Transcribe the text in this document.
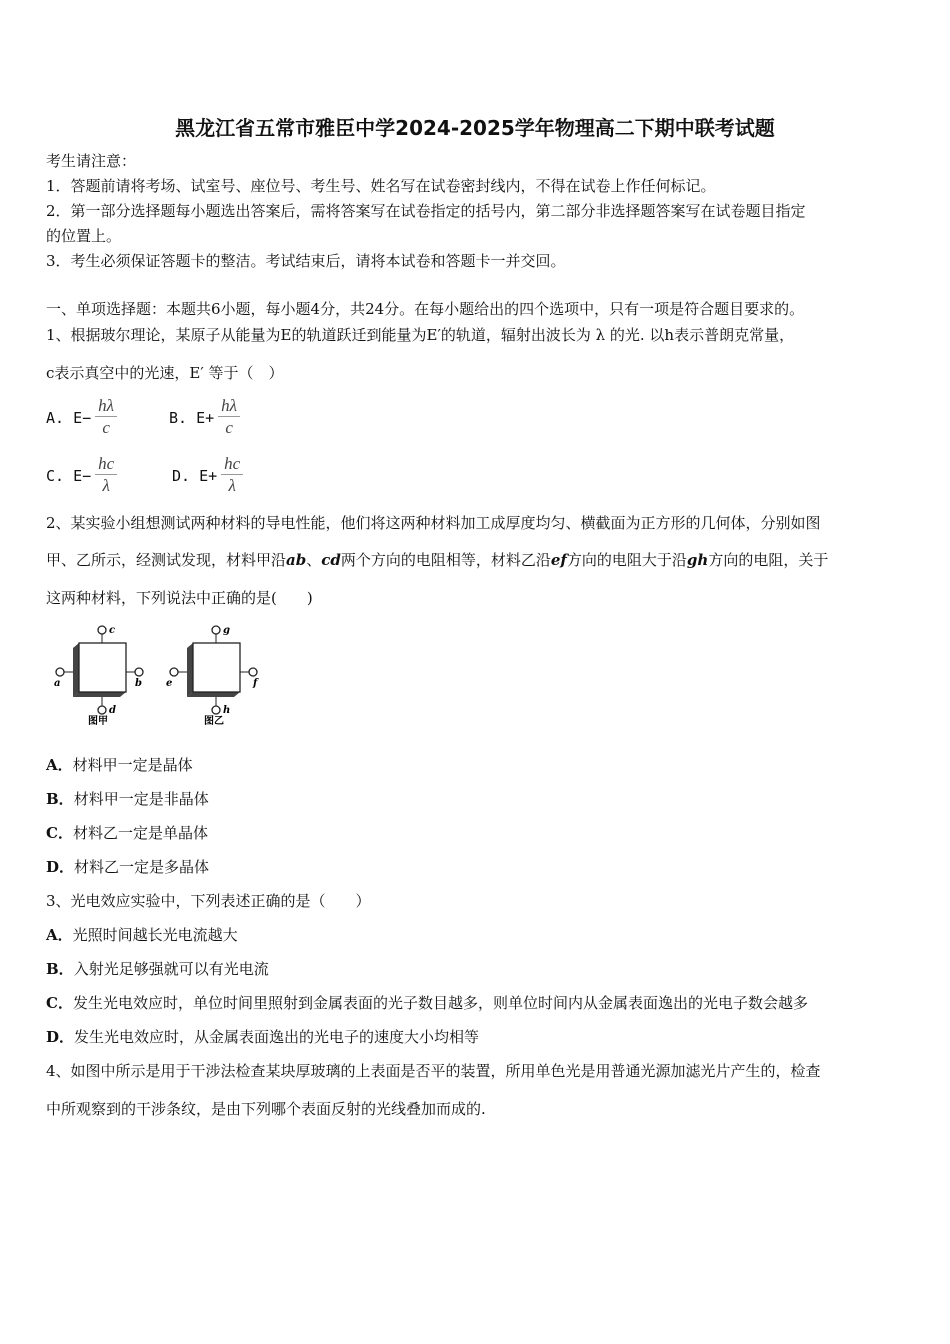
黑龙江省五常市雅臣中学2024-2025学年物理高二下期中联考试题
考生请注意：
1．答题前请将考场、试室号、座位号、考生号、姓名写在试卷密封线内，不得在试卷上作任何标记。
2．第一部分选择题每小题选出答案后，需将答案写在试卷指定的括号内，第二部分非选择题答案写在试卷题目指定
的位置上。
3．考生必须保证答题卡的整洁。考试结束后，请将本试卷和答题卡一并交回。
一、单项选择题：本题共6小题，每小题4分，共24分。在每小题给出的四个选项中，只有一项是符合题目要求的。
1、根据玻尔理论，某原子从能量为E的轨道跃迁到能量为E′的轨道，辐射出波长为 λ 的光. 以h表示普朗克常量，
c表示真空中的光速，E′ 等于（　）
A. $E- \frac{h\lambda}{c}$	B. $E+ \frac{h\lambda}{c}$
C. $E- \frac{hc}{\lambda}$	D. $E+ \frac{hc}{\lambda}$
2、某实验小组想测试两种材料的导电性能，他们将这两种材料加工成厚度均匀、横截面为正方形的几何体，分别如图
甲、乙所示，经测试发现，材料甲沿ab、cd两个方向的电阻相等，材料乙沿ef方向的电阻大于沿gh方向的电阻，关于
这两种材料，下列说法中正确的是(　　)
c
d
a	b
图甲
g
h
e	f
图乙
A．材料甲一定是晶体
B．材料甲一定是非晶体
C．材料乙一定是单晶体
D．材料乙一定是多晶体
3、光电效应实验中，下列表述正确的是（　　）
A．光照时间越长光电流越大
B．入射光足够强就可以有光电流
C．发生光电效应时，单位时间里照射到金属表面的光子数目越多，则单位时间内从金属表面逸出的光电子数会越多
D．发生光电效应时，从金属表面逸出的光电子的速度大小均相等
4、如图中所示是用于干涉法检查某块厚玻璃的上表面是否平的装置，所用单色光是用普通光源加滤光片产生的，检查
中所观察到的干涉条纹，是由下列哪个表面反射的光线叠加而成的.
